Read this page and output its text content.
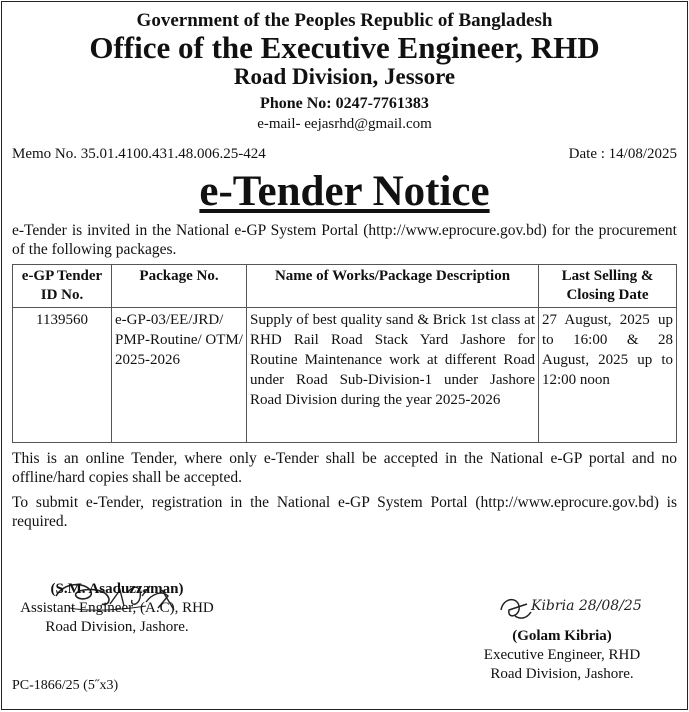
Government of the Peoples Republic of Bangladesh
Office of the Executive Engineer, RHD
Road Division, Jessore
Phone No: 0247-7761383
e-mail- eejasrhd@gmail.com
Memo No. 35.01.4100.431.48.006.25-424	Date : 14/08/2025
e-Tender Notice
e-Tender is invited in the National e-GP System Portal (http://www.eprocure.gov.bd) for the procurement of the following packages.
e-GP Tender ID No.	Package No.	Name of Works/Package Description	Last Selling & Closing Date
1139560	e-GP-03/EE/JRD/ PMP-Routine/ OTM/ 2025-2026	Supply of best quality sand & Brick 1st class at RHD Rail Road Stack Yard Jashore for Routine Maintenance work at different Road under Road Sub-Division-1 under Jashore Road Division during the year 2025-2026	27 August, 2025 up to 16:00 & 28 August, 2025 up to 12:00 noon
This is an online Tender, where only e-Tender shall be accepted in the National e-GP portal and no offline/hard copies shall be accepted.
To submit e-Tender, registration in the National e-GP System Portal (http://www.eprocure.gov.bd) is required.
(S.M. Asaduzzaman)
Assistant Engineer, (A.C), RHD
Road Division, Jashore.
Kibria 28/08/25
(Golam Kibria)
Executive Engineer, RHD
Road Division, Jashore.
PC-1866/25 (5˝x3)
